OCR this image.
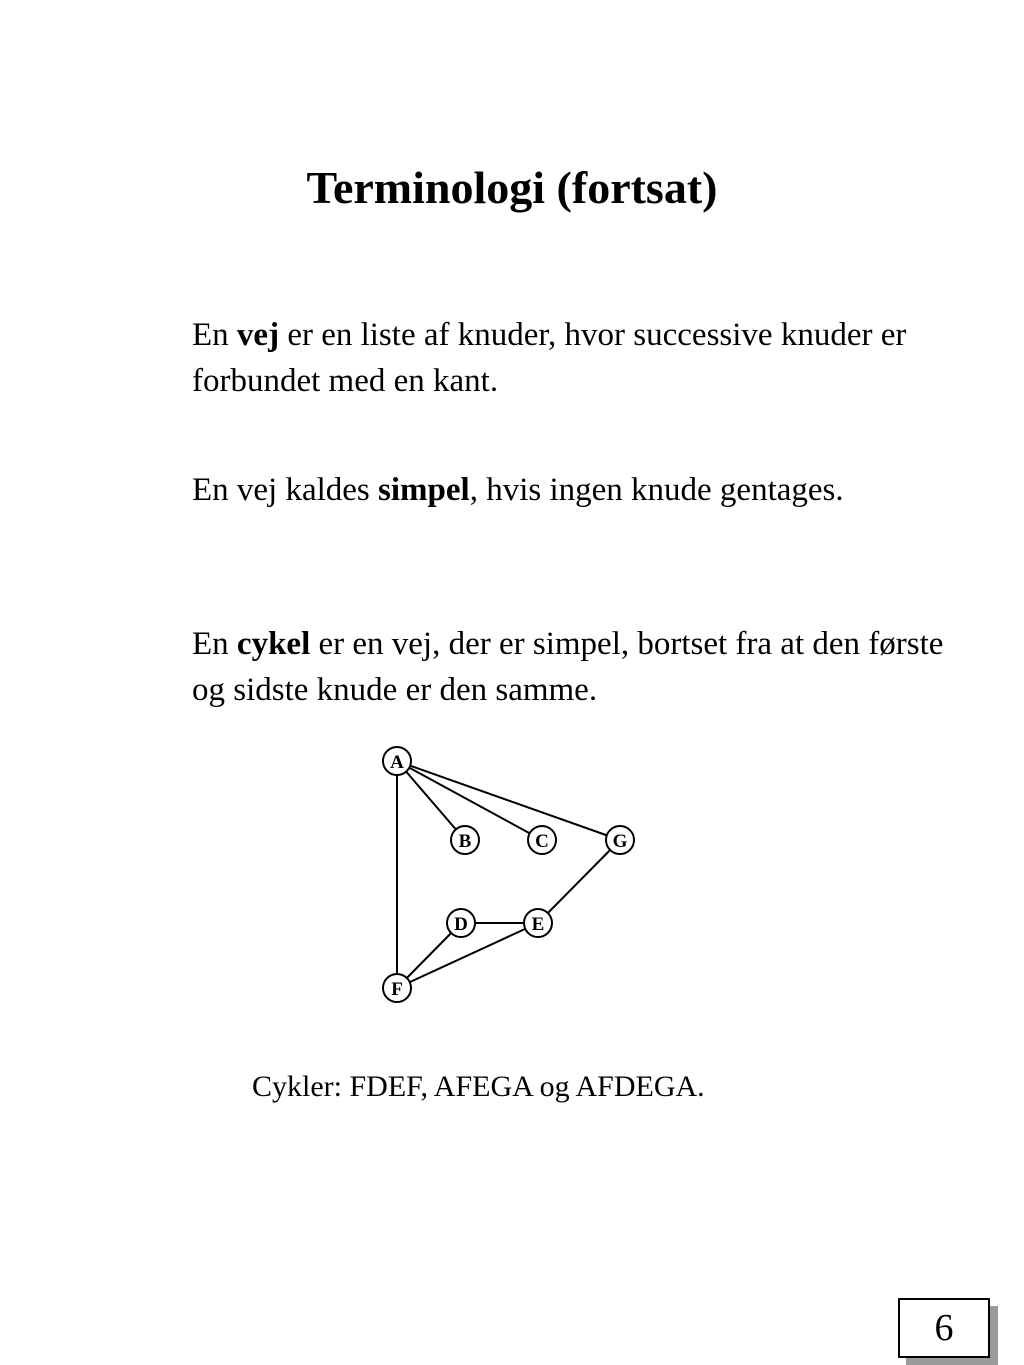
Terminologi (fortsat)

En vej er en liste af knuder, hvor successive knuder er forbundet med en kant.

En vej kaldes simpel, hvis ingen knude gentages.

En cykel er en vej, der er simpel, bortset fra at den første og sidste knude er den samme.

A
B	C	G
D	E
F

Cykler: FDEF, AFEGA og AFDEGA.

6
